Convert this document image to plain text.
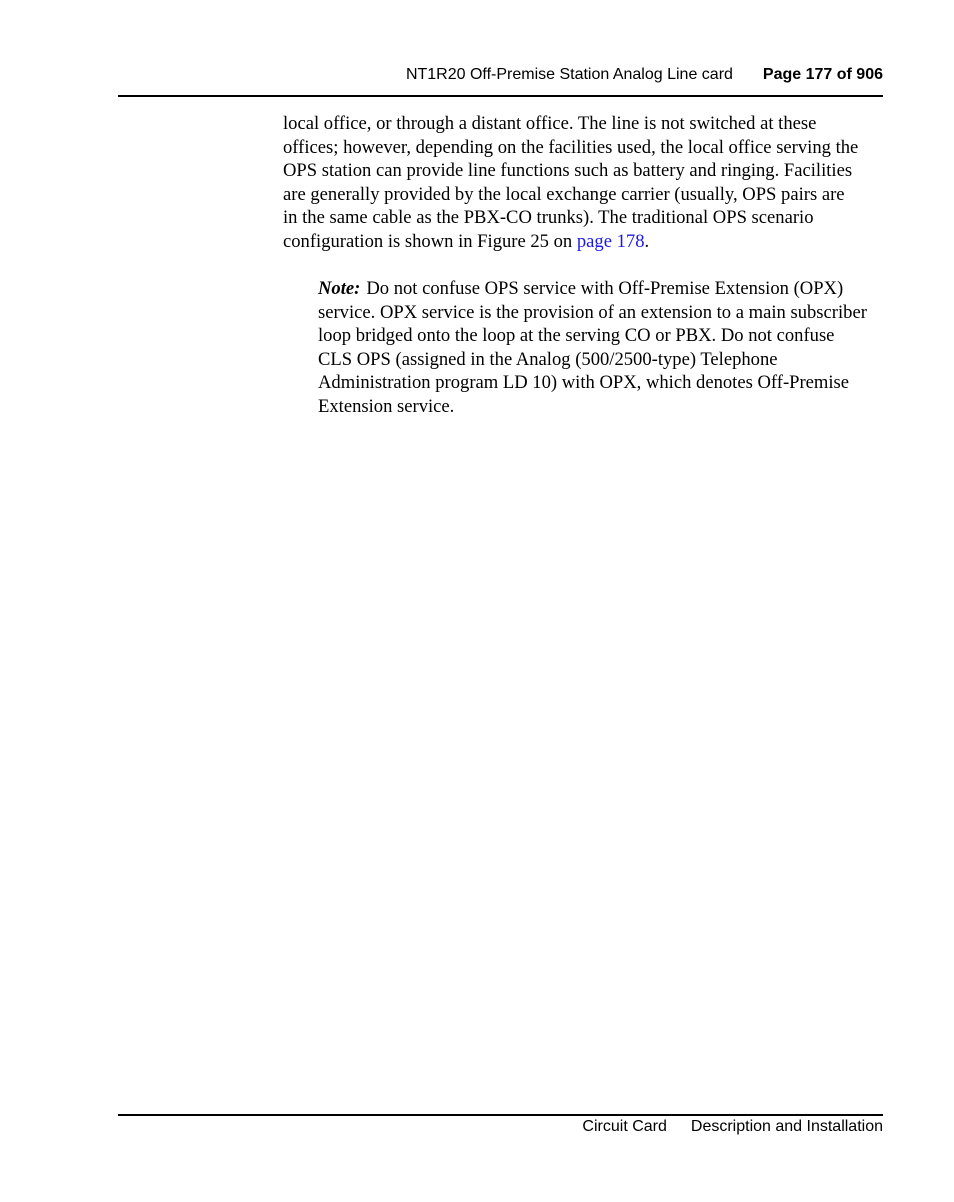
NT1R20 Off-Premise Station Analog Line card Page 177 of 906

local office, or through a distant office. The line is not switched at these
offices; however, depending on the facilities used, the local office serving the
OPS station can provide line functions such as battery and ringing. Facilities
are generally provided by the local exchange carrier (usually, OPS pairs are
in the same cable as the PBX-CO trunks). The traditional OPS scenario
configuration is shown in Figure 25 on page 178.

Note: Do not confuse OPS service with Off-Premise Extension (OPX)
service. OPX service is the provision of an extension to a main subscriber
loop bridged onto the loop at the serving CO or PBX. Do not confuse
CLS OPS (assigned in the Analog (500/2500-type) Telephone
Administration program LD 10) with OPX, which denotes Off-Premise
Extension service.

Circuit Card Description and Installation
